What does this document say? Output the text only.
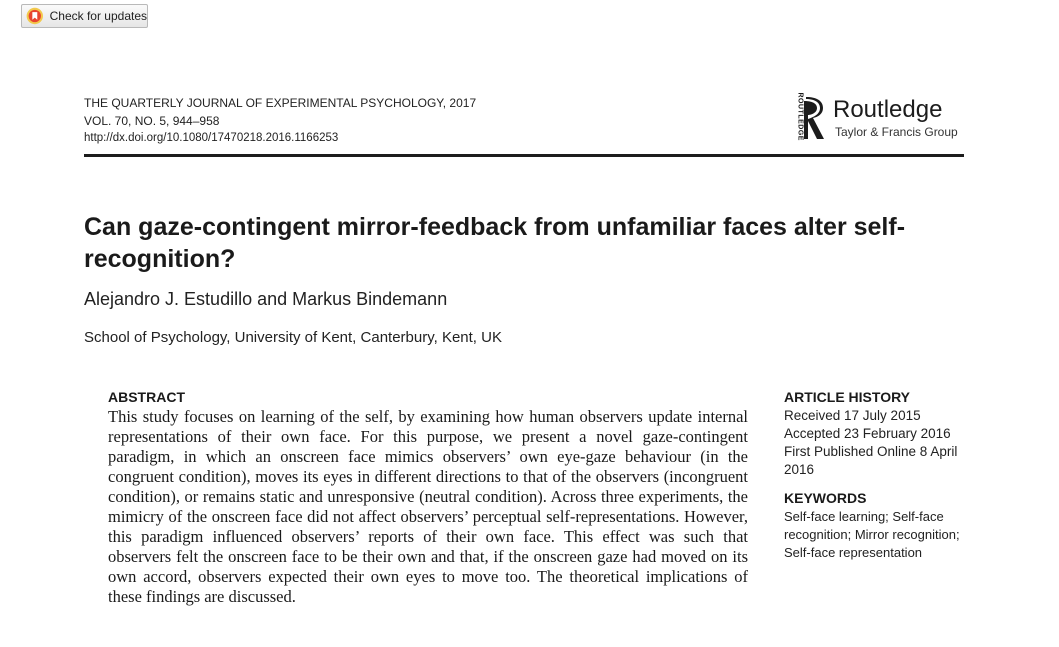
Check for updates
THE QUARTERLY JOURNAL OF EXPERIMENTAL PSYCHOLOGY, 2017
VOL. 70, NO. 5, 944–958
http://dx.doi.org/10.1080/17470218.2016.1166253	ROUTLEDGE Routledge
Taylor & Francis Group
Can gaze-contingent mirror-feedback from unfamiliar faces alter self-recognition?
Alejandro J. Estudillo and Markus Bindemann
School of Psychology, University of Kent, Canterbury, Kent, UK
ABSTRACT

This study focuses on learning of the self, by examining how human observers update internal representations of their own face. For this purpose, we present a novel gaze-contingent paradigm, in which an onscreen face mimics observers’ own eye-gaze behaviour (in the congruent condition), moves its eyes in different directions to that of the observers (incongruent condition), or remains static and unresponsive (neutral condition). Across three experiments, the mimicry of the onscreen face did not affect observers’ perceptual self-representations. However, this paradigm influenced observers’ reports of their own face. This effect was such that observers felt the onscreen face to be their own and that, if the onscreen gaze had moved on its own accord, observers expected their own eyes to move too. The theoretical implications of these findings are discussed.

ARTICLE HISTORY
Received 17 July 2015
Accepted 23 February 2016
First Published Online 8 April 2016
KEYWORDS
Self-face learning; Self-face recognition; Mirror recognition; Self-face representation
